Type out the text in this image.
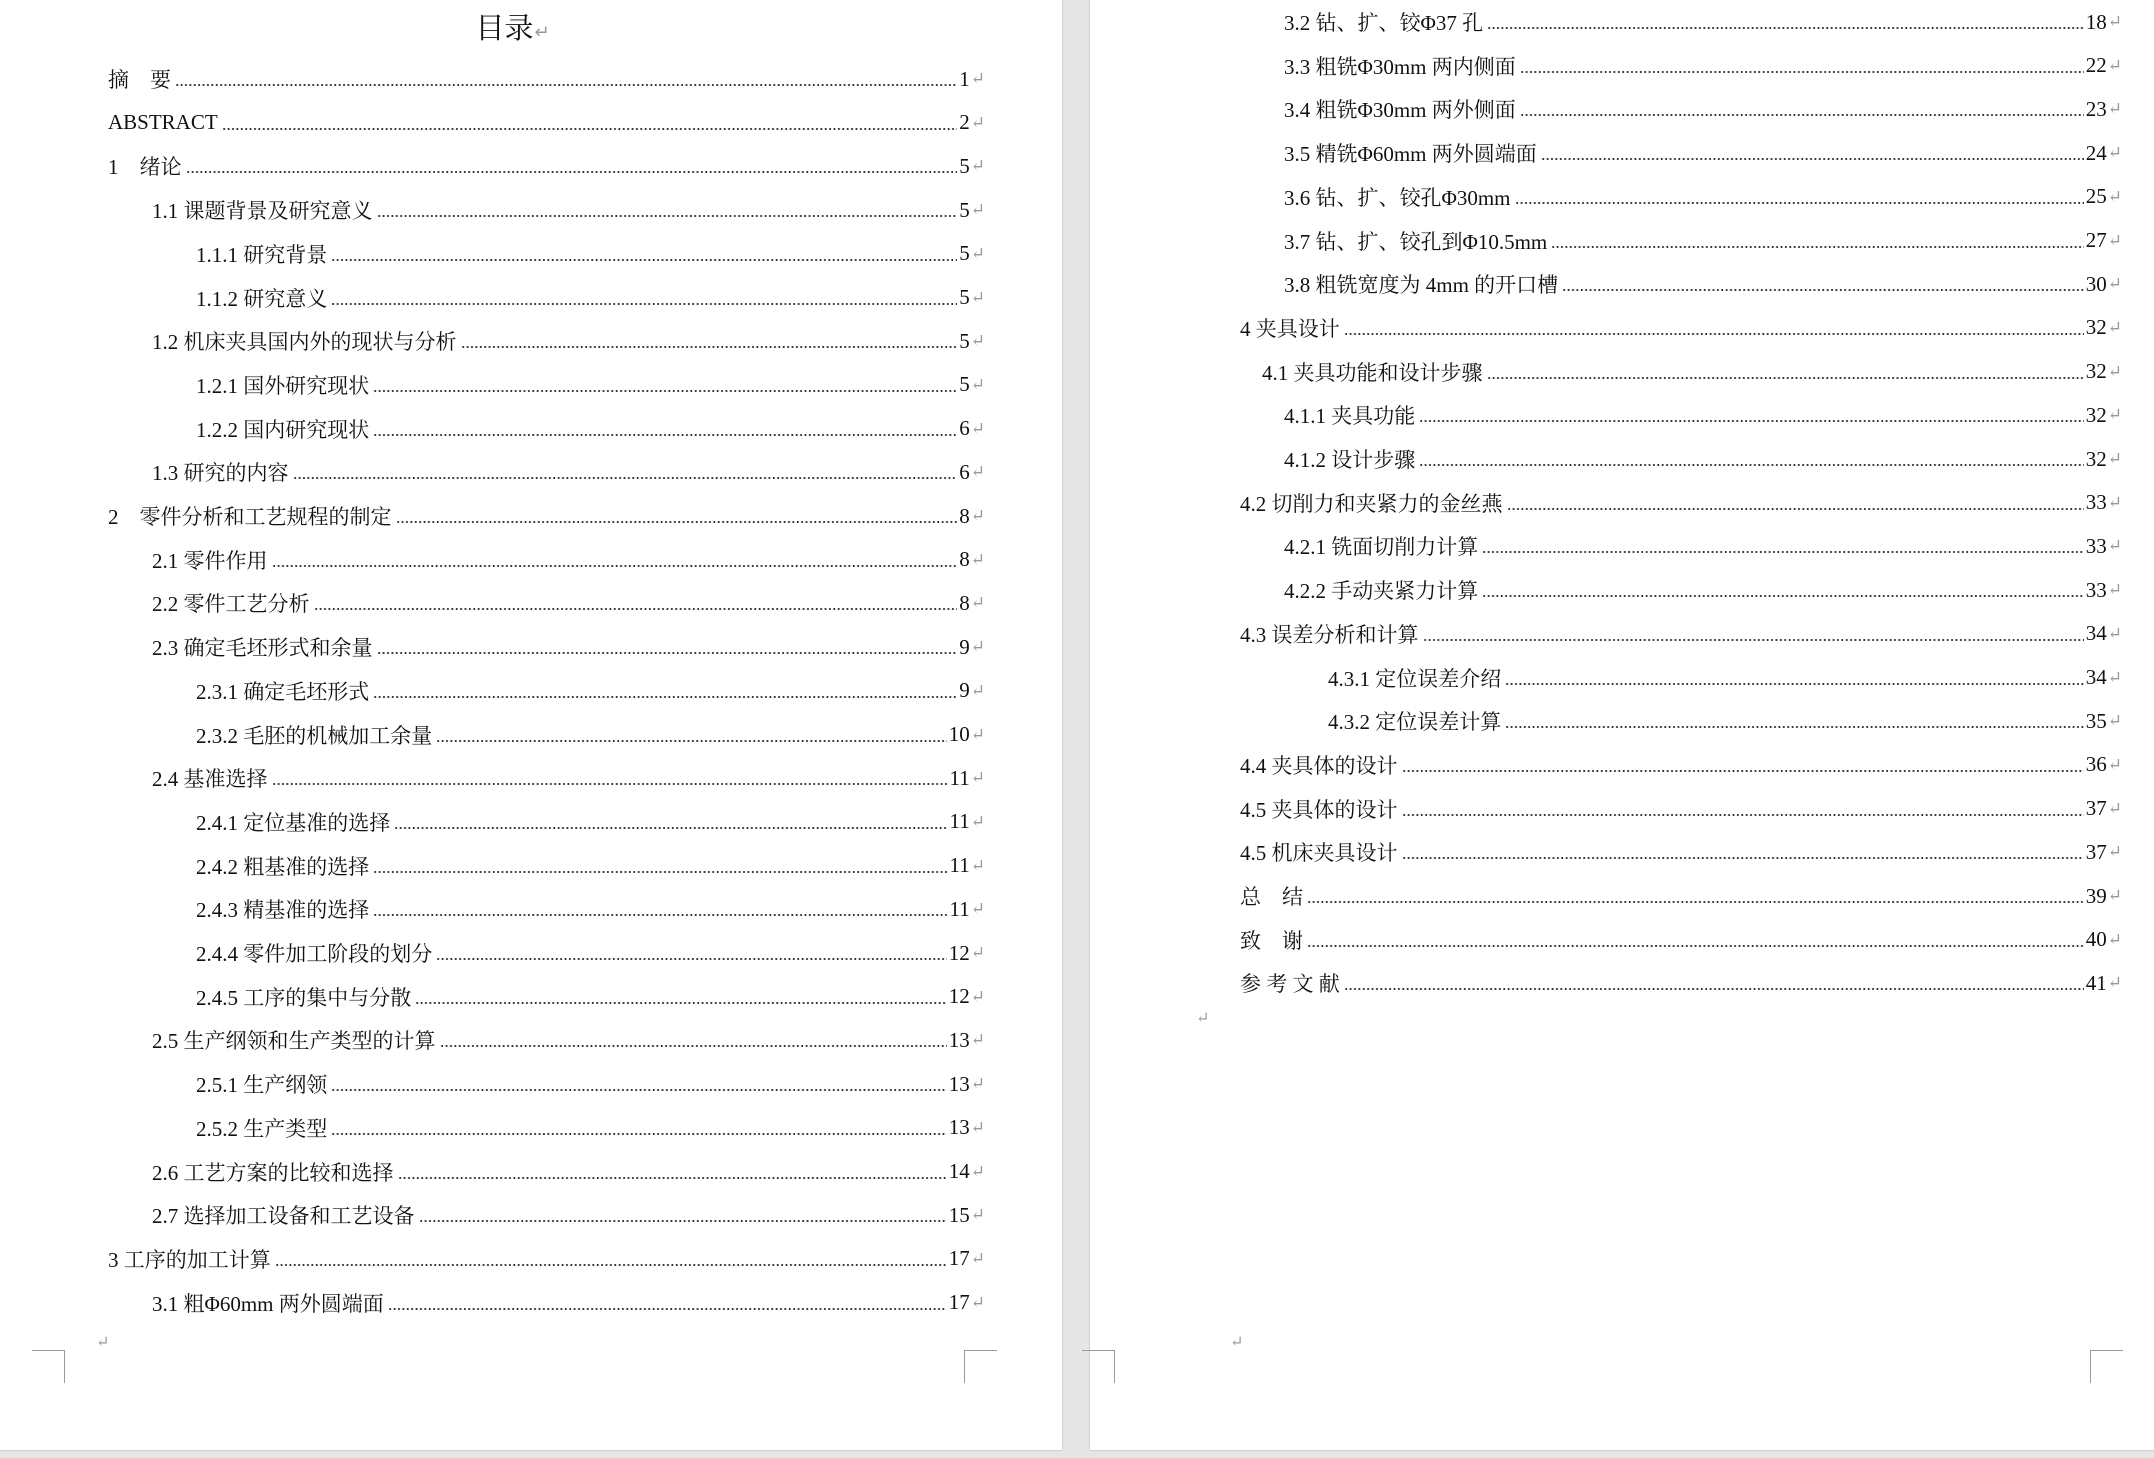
目录↵
摘　要	1 ↵
ABSTRACT	2 ↵
1　绪论	5 ↵
1.1 课题背景及研究意义	5 ↵
1.1.1 研究背景	5 ↵
1.1.2 研究意义	5 ↵
1.2 机床夹具国内外的现状与分析	5 ↵
1.2.1 国外研究现状	5 ↵
1.2.2 国内研究现状	6 ↵
1.3 研究的内容	6 ↵
2　零件分析和工艺规程的制定	8 ↵
2.1 零件作用	8 ↵
2.2 零件工艺分析	8 ↵
2.3 确定毛坯形式和余量	9 ↵
2.3.1 确定毛坯形式	9 ↵
2.3.2 毛胚的机械加工余量	10 ↵
2.4 基准选择	11 ↵
2.4.1 定位基准的选择	11 ↵
2.4.2 粗基准的选择	11 ↵
2.4.3 精基准的选择	11 ↵
2.4.4 零件加工阶段的划分	12 ↵
2.4.5 工序的集中与分散	12 ↵
2.5 生产纲领和生产类型的计算	13 ↵
2.5.1 生产纲领	13 ↵
2.5.2 生产类型	13 ↵
2.6 工艺方案的比较和选择	14 ↵
2.7 选择加工设备和工艺设备	15 ↵
3 工序的加工计算	17 ↵
3.1 粗Φ60mm 两外圆端面	17 ↵
↵
3.2 钻、扩、铰Φ37 孔	18 ↵
3.3 粗铣Φ30mm 两内侧面	22 ↵
3.4 粗铣Φ30mm 两外侧面	23 ↵
3.5 精铣Φ60mm 两外圆端面	24 ↵
3.6 钻、扩、铰孔Φ30mm	25 ↵
3.7 钻、扩、铰孔到Φ10.5mm	27 ↵
3.8 粗铣宽度为 4mm 的开口槽	30 ↵
4 夹具设计	32 ↵
4.1 夹具功能和设计步骤	32 ↵
4.1.1 夹具功能	32 ↵
4.1.2 设计步骤	32 ↵
4.2 切削力和夹紧力的金丝燕	33 ↵
4.2.1 铣面切削力计算	33 ↵
4.2.2 手动夹紧力计算	33 ↵
4.3 误差分析和计算	34 ↵
4.3.1 定位误差介绍	34 ↵
4.3.2 定位误差计算	35 ↵
4.4 夹具体的设计	36 ↵
4.5 夹具体的设计	37 ↵
4.5 机床夹具设计	37 ↵
总　结	39 ↵
致　谢	40 ↵
参 考 文 献	41 ↵
↵
↵
